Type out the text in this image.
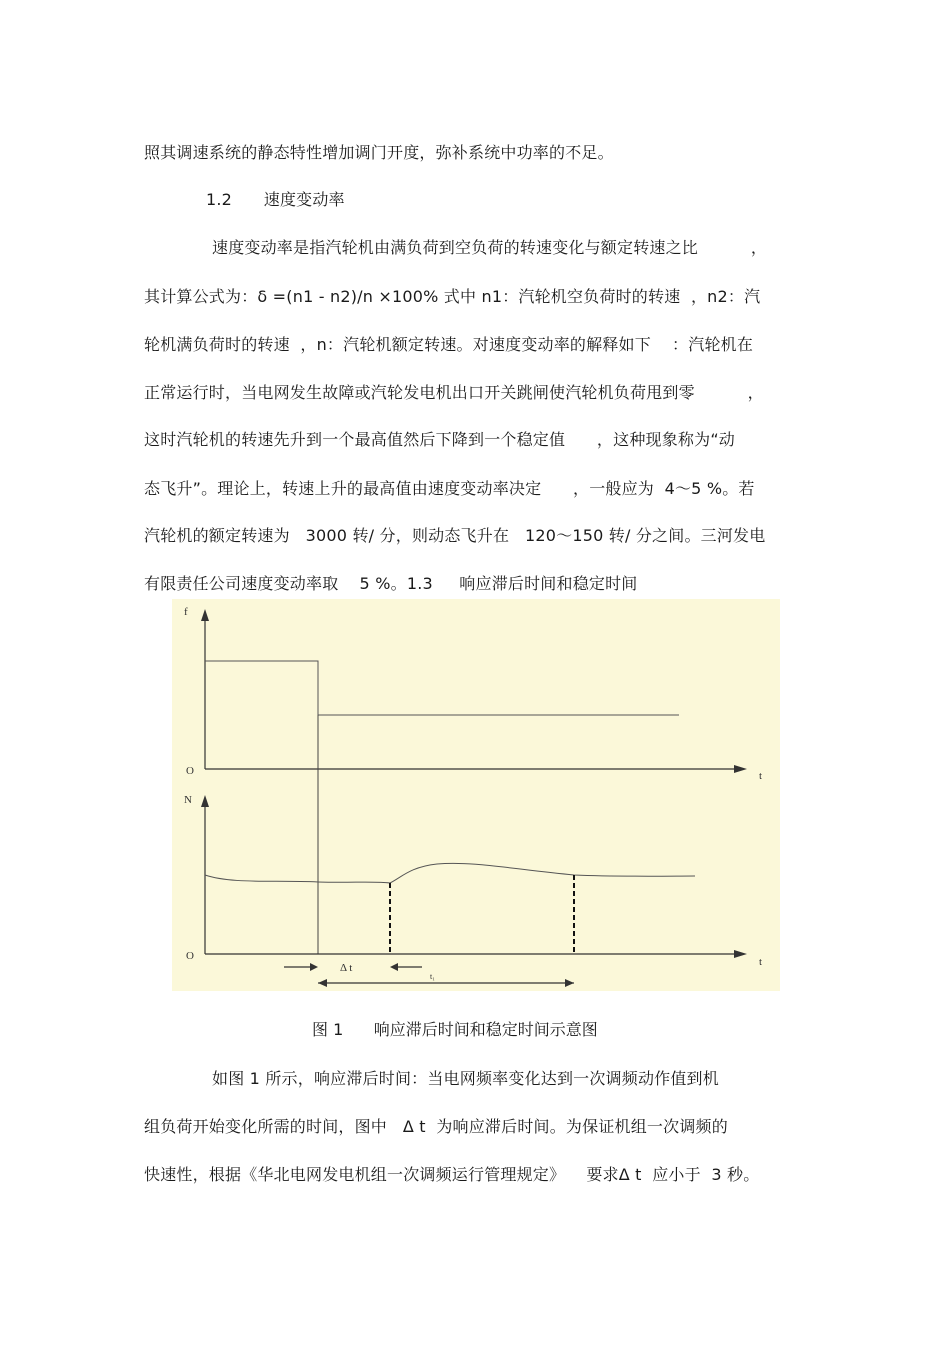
照其调速系统的静态特性增加调门开度，弥补系统中功率的不足。
1.2      速度变动率
速度变动率是指汽轮机由满负荷到空负荷的转速变化与额定转速之比          ，
其计算公式为：δ =(n1 - n2)/n ×100% 式中 n1：汽轮机空负荷时的转速  ，n2：汽
轮机满负荷时的转速  ，n：汽轮机额定转速。对速度变动率的解释如下    ：汽轮机在
正常运行时，当电网发生故障或汽轮发电机出口开关跳闸使汽轮机负荷甩到零          ，
这时汽轮机的转速先升到一个最高值然后下降到一个稳定值      ，这种现象称为“动
态飞升”。理论上，转速上升的最高值由速度变动率决定      ，一般应为  4～5 %。若
汽轮机的额定转速为   3000 转/ 分，则动态飞升在   120～150 转/ 分之间。三河发电
有限责任公司速度变动率取    5 %。1.3     响应滞后时间和稳定时间
f
O	t
N
O	t
Δ t
t₁
图 1      响应滞后时间和稳定时间示意图
如图 1 所示，响应滞后时间：当电网频率变化达到一次调频动作值到机
组负荷开始变化所需的时间，图中   Δ t  为响应滞后时间。为保证机组一次调频的
快速性，根据《华北电网发电机组一次调频运行管理规定》    要求Δ t  应小于  3 秒。
